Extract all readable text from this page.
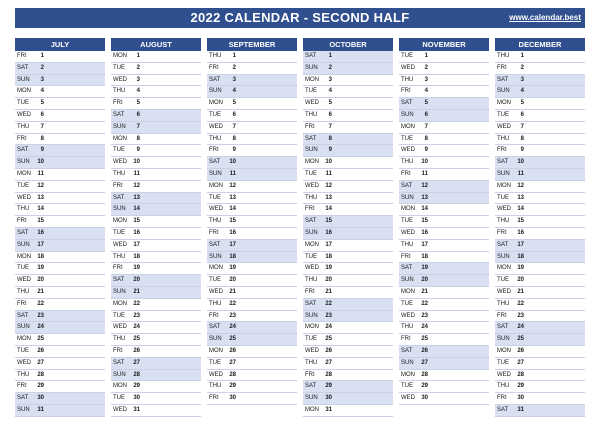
2022 CALENDAR - SECOND HALF	www.calendar.best
JULY
FRI	1
SAT	2
SUN	3
MON	4
TUE	5
WED	6
THU	7
FRI	8
SAT	9
SUN	10
MON	11
TUE	12
WED	13
THU	14
FRI	15
SAT	16
SUN	17
MON	18
TUE	19
WED	20
THU	21
FRI	22
SAT	23
SUN	24
MON	25
TUE	26
WED	27
THU	28
FRI	29
SAT	30
SUN	31
AUGUST
MON	1
TUE	2
WED	3
THU	4
FRI	5
SAT	6
SUN	7
MON	8
TUE	9
WED	10
THU	11
FRI	12
SAT	13
SUN	14
MON	15
TUE	16
WED	17
THU	18
FRI	19
SAT	20
SUN	21
MON	22
TUE	23
WED	24
THU	25
FRI	26
SAT	27
SUN	28
MON	29
TUE	30
WED	31
SEPTEMBER
THU	1
FRI	2
SAT	3
SUN	4
MON	5
TUE	6
WED	7
THU	8
FRI	9
SAT	10
SUN	11
MON	12
TUE	13
WED	14
THU	15
FRI	16
SAT	17
SUN	18
MON	19
TUE	20
WED	21
THU	22
FRI	23
SAT	24
SUN	25
MON	26
TUE	27
WED	28
THU	29
FRI	30
OCTOBER
SAT	1
SUN	2
MON	3
TUE	4
WED	5
THU	6
FRI	7
SAT	8
SUN	9
MON	10
TUE	11
WED	12
THU	13
FRI	14
SAT	15
SUN	16
MON	17
TUE	18
WED	19
THU	20
FRI	21
SAT	22
SUN	23
MON	24
TUE	25
WED	26
THU	27
FRI	28
SAT	29
SUN	30
MON	31
NOVEMBER
TUE	1
WED	2
THU	3
FRI	4
SAT	5
SUN	6
MON	7
TUE	8
WED	9
THU	10
FRI	11
SAT	12
SUN	13
MON	14
TUE	15
WED	16
THU	17
FRI	18
SAT	19
SUN	20
MON	21
TUE	22
WED	23
THU	24
FRI	25
SAT	26
SUN	27
MON	28
TUE	29
WED	30
DECEMBER
THU	1
FRI	2
SAT	3
SUN	4
MON	5
TUE	6
WED	7
THU	8
FRI	9
SAT	10
SUN	11
MON	12
TUE	13
WED	14
THU	15
FRI	16
SAT	17
SUN	18
MON	19
TUE	20
WED	21
THU	22
FRI	23
SAT	24
SUN	25
MON	26
TUE	27
WED	28
THU	29
FRI	30
SAT	31
